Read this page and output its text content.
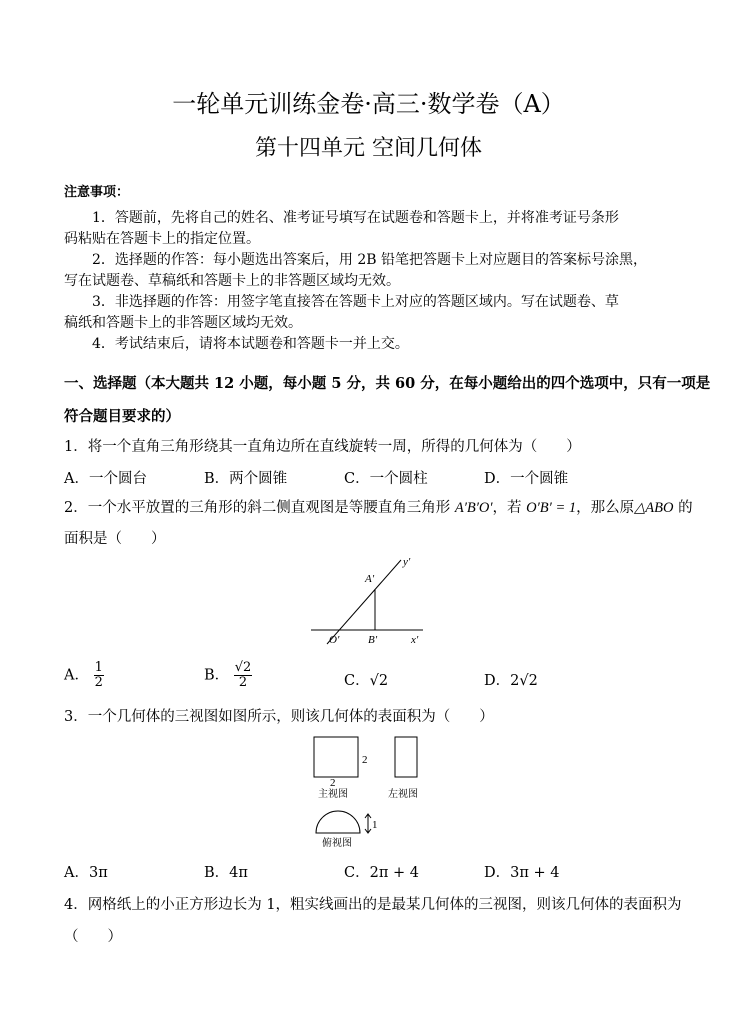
一轮单元训练金卷·高三·数学卷（A）
第十四单元 空间几何体
注意事项：
1．答题前，先将自己的姓名、准考证号填写在试题卷和答题卡上，并将准考证号条形
码粘贴在答题卡上的指定位置。
2．选择题的作答：每小题选出答案后，用 2B 铅笔把答题卡上对应题目的答案标号涂黑，
写在试题卷、草稿纸和答题卡上的非答题区域均无效。
3．非选择题的作答：用签字笔直接答在答题卡上对应的答题区域内。写在试题卷、草
稿纸和答题卡上的非答题区域均无效。
4．考试结束后，请将本试题卷和答题卡一并上交。
一、选择题（本大题共 12 小题，每小题 5 分，共 60 分，在每小题给出的四个选项中，只有一项是
符合题目要求的）
1．将一个直角三角形绕其一直角边所在直线旋转一周，所得的几何体为（　　）
A．一个圆台	B．两个圆锥	C．一个圆柱	D．一个圆锥
2．一个水平放置的三角形的斜二侧直观图是等腰直角三角形 A′B′O′，若 O′B′ = 1，那么原△ABO 的
面积是（　　）
y′
A′
O′	B′	x′
A． $\frac{1}{2}$	B． $\frac{√2}{2}$	C．√2	D．2√2
3．一个几何体的三视图如图所示，则该几何体的表面积为（　　）
2
2
主视图	左视图
1
俯视图
A．3π	B．4π	C．2π + 4	D．3π + 4
4．网格纸上的小正方形边长为 1，粗实线画出的是最某几何体的三视图，则该几何体的表面积为
（　　）
